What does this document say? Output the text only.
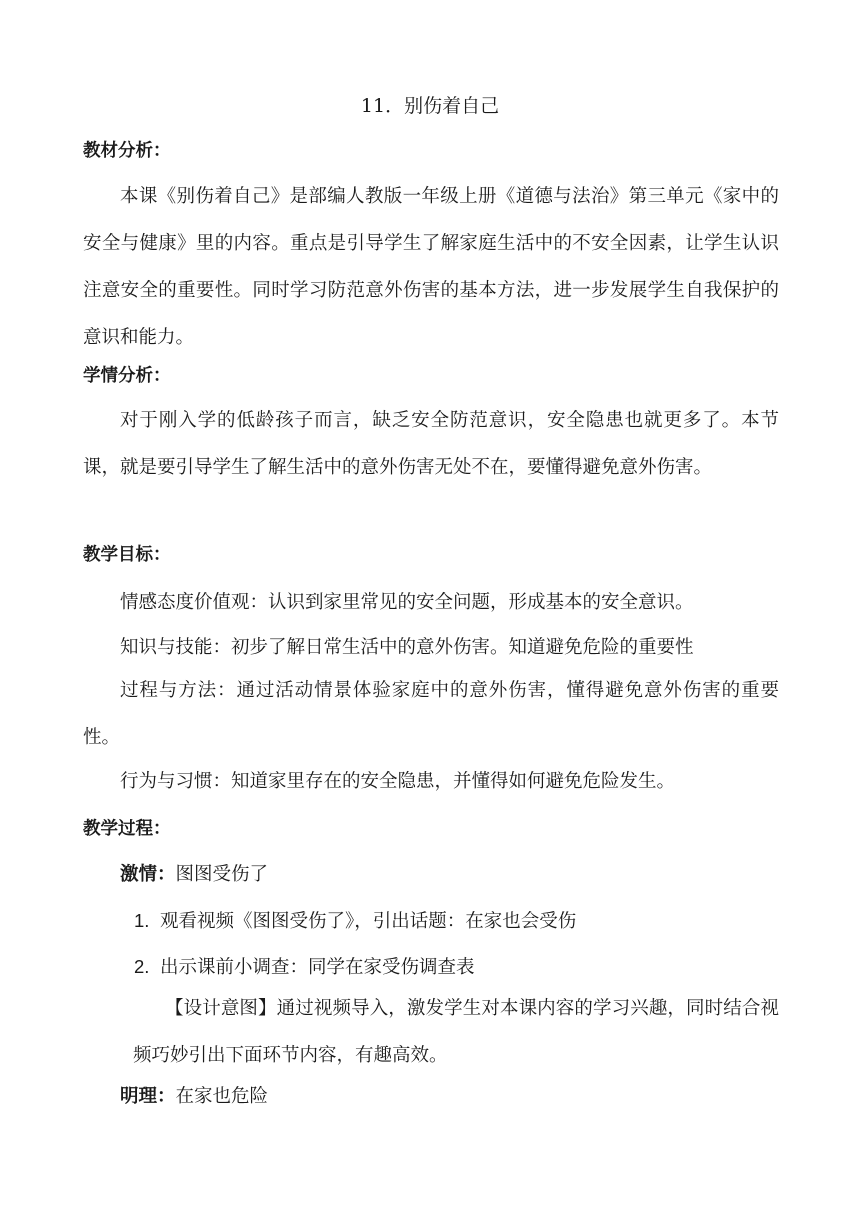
11．别伤着自己
教材分析：

本课《别伤着自己》是部编人教版一年级上册《道德与法治》第三单元《家中的安全与健康》里的内容。重点是引导学生了解家庭生活中的不安全因素，让学生认识注意安全的重要性。同时学习防范意外伤害的基本方法，进一步发展学生自我保护的意识和能力。

学情分析：

对于刚入学的低龄孩子而言，缺乏安全防范意识，安全隐患也就更多了。本节课，就是要引导学生了解生活中的意外伤害无处不在，要懂得避免意外伤害。

教学目标：
情感态度价值观：认识到家里常见的安全问题，形成基本的安全意识。
知识与技能：初步了解日常生活中的意外伤害。知道避免危险的重要性

过程与方法：通过活动情景体验家庭中的意外伤害，懂得避免意外伤害的重要性。

行为与习惯：知道家里存在的安全隐患，并懂得如何避免危险发生。
教学过程：
激情：图图受伤了
1. 观看视频《图图受伤了》，引出话题：在家也会受伤
2. 出示课前小调查：同学在家受伤调查表

【设计意图】通过视频导入，激发学生对本课内容的学习兴趣，同时结合视频巧妙引出下面环节内容，有趣高效。

明理：在家也危险
